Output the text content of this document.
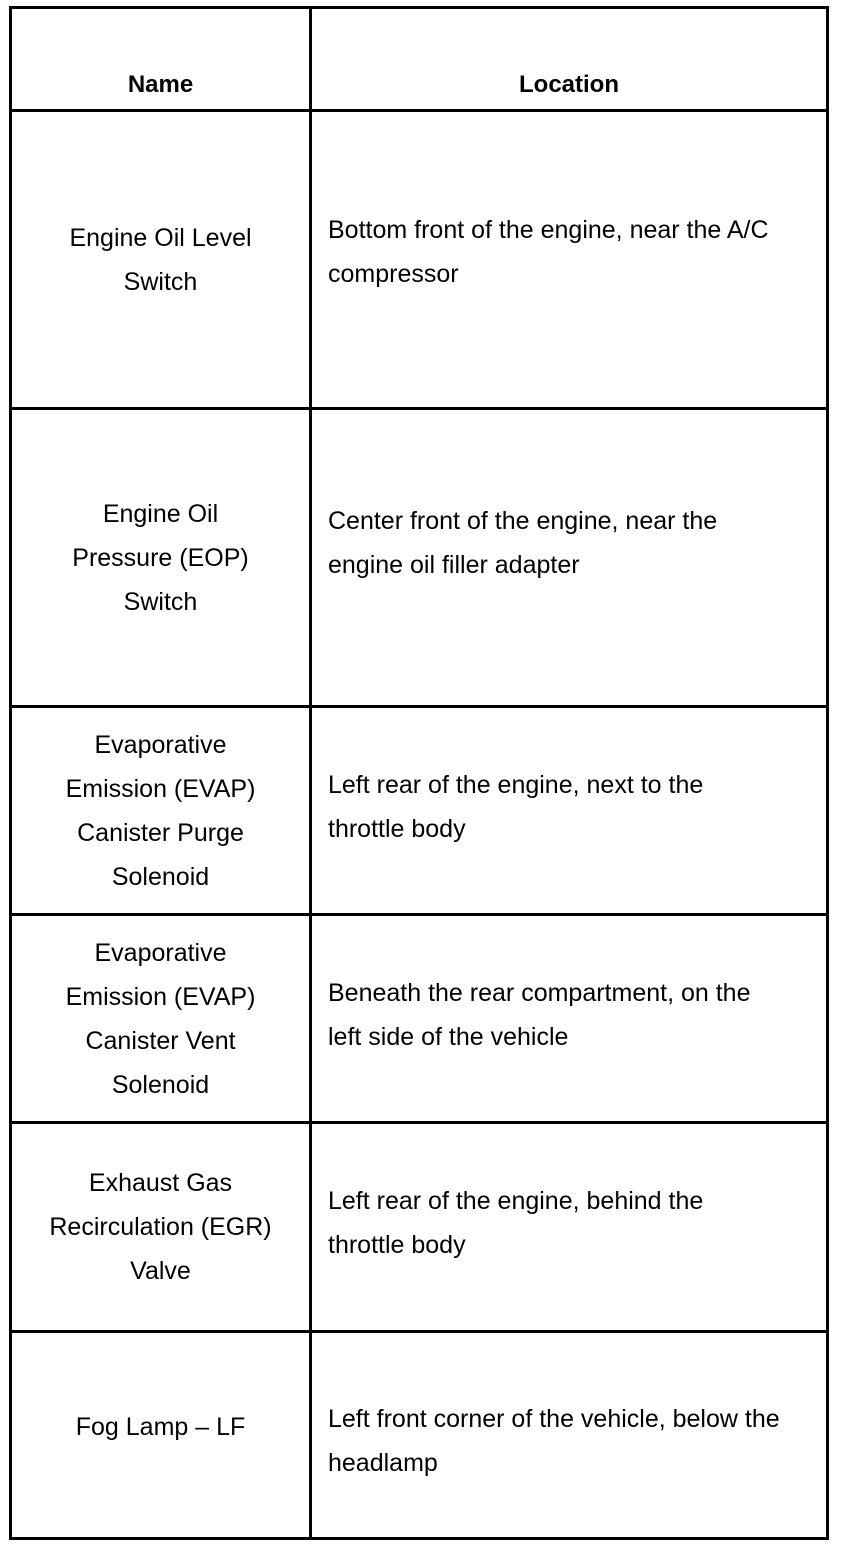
Name	Location

Engine Oil Level Switch	Bottom front of the engine, near the A/C compressor

Engine Oil Pressure (EOP) Switch	Center front of the engine, near the engine oil filler adapter

Evaporative Emission (EVAP) Canister Purge Solenoid	Left rear of the engine, next to the throttle body

Evaporative Emission (EVAP) Canister Vent Solenoid	Beneath the rear compartment, on the left side of the vehicle

Exhaust Gas Recirculation (EGR) Valve	Left rear of the engine, behind the throttle body

Fog Lamp – LF	Left front corner of the vehicle, below the headlamp
